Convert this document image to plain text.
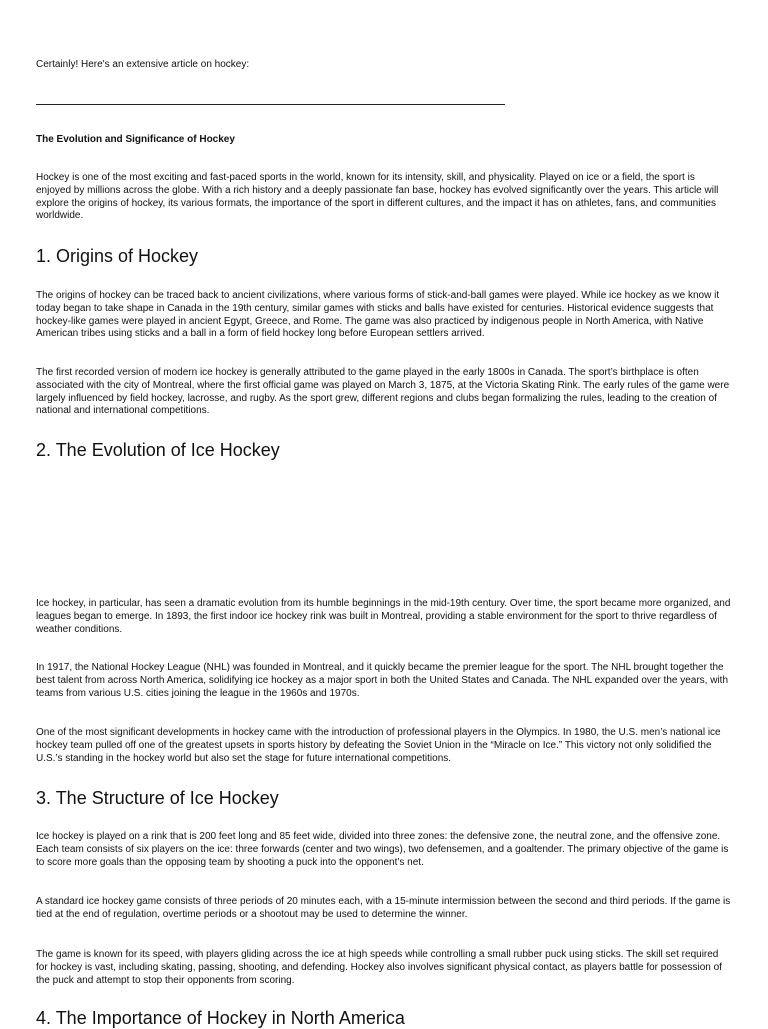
Certainly! Here's an extensive article on hockey:

The Evolution and Significance of Hockey

Hockey is one of the most exciting and fast-paced sports in the world, known for its intensity, skill, and physicality. Played on ice or a field, the sport is enjoyed by millions across the globe. With a rich history and a deeply passionate fan base, hockey has evolved significantly over the years. This article will explore the origins of hockey, its various formats, the importance of the sport in different cultures, and the impact it has on athletes, fans, and communities worldwide.

1. Origins of Hockey

The origins of hockey can be traced back to ancient civilizations, where various forms of stick-and-ball games were played. While ice hockey as we know it today began to take shape in Canada in the 19th century, similar games with sticks and balls have existed for centuries. Historical evidence suggests that hockey-like games were played in ancient Egypt, Greece, and Rome. The game was also practiced by indigenous people in North America, with Native American tribes using sticks and a ball in a form of field hockey long before European settlers arrived.

The first recorded version of modern ice hockey is generally attributed to the game played in the early 1800s in Canada. The sport’s birthplace is often associated with the city of Montreal, where the first official game was played on March 3, 1875, at the Victoria Skating Rink. The early rules of the game were largely influenced by field hockey, lacrosse, and rugby. As the sport grew, different regions and clubs began formalizing the rules, leading to the creation of national and international competitions.

2. The Evolution of Ice Hockey

Ice hockey, in particular, has seen a dramatic evolution from its humble beginnings in the mid-19th century. Over time, the sport became more organized, and leagues began to emerge. In 1893, the first indoor ice hockey rink was built in Montreal, providing a stable environment for the sport to thrive regardless of weather conditions.

In 1917, the National Hockey League (NHL) was founded in Montreal, and it quickly became the premier league for the sport. The NHL brought together the best talent from across North America, solidifying ice hockey as a major sport in both the United States and Canada. The NHL expanded over the years, with teams from various U.S. cities joining the league in the 1960s and 1970s.

One of the most significant developments in hockey came with the introduction of professional players in the Olympics. In 1980, the U.S. men’s national ice hockey team pulled off one of the greatest upsets in sports history by defeating the Soviet Union in the “Miracle on Ice.” This victory not only solidified the U.S.’s standing in the hockey world but also set the stage for future international competitions.

3. The Structure of Ice Hockey

Ice hockey is played on a rink that is 200 feet long and 85 feet wide, divided into three zones: the defensive zone, the neutral zone, and the offensive zone. Each team consists of six players on the ice: three forwards (center and two wings), two defensemen, and a goaltender. The primary objective of the game is to score more goals than the opposing team by shooting a puck into the opponent’s net.

A standard ice hockey game consists of three periods of 20 minutes each, with a 15-minute intermission between the second and third periods. If the game is tied at the end of regulation, overtime periods or a shootout may be used to determine the winner.

The game is known for its speed, with players gliding across the ice at high speeds while controlling a small rubber puck using sticks. The skill set required for hockey is vast, including skating, passing, shooting, and defending. Hockey also involves significant physical contact, as players battle for possession of the puck and attempt to stop their opponents from scoring.

4. The Importance of Hockey in North America
